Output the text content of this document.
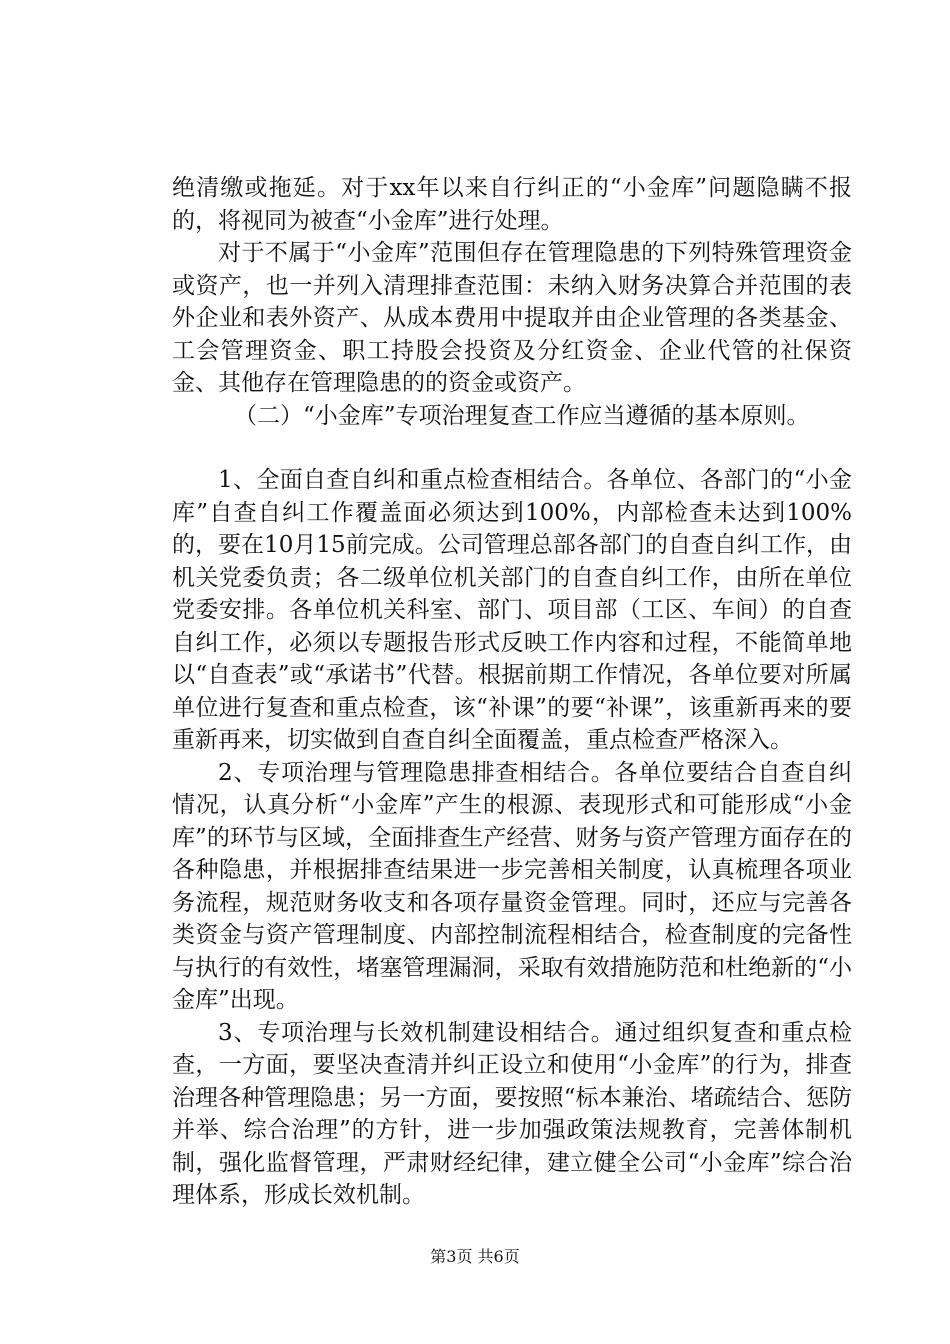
绝清缴或拖延。对于xx年以来自行纠正的“小金库”问题隐瞒不报的，将视同为被查“小金库”进行处理。

对于不属于“小金库”范围但存在管理隐患的下列特殊管理资金或资产，也一并列入清理排查范围：未纳入财务决算合并范围的表外企业和表外资产、从成本费用中提取并由企业管理的各类基金、工会管理资金、职工持股会投资及分红资金、企业代管的社保资金、其他存在管理隐患的的资金或资产。

（二）“小金库”专项治理复查工作应当遵循的基本原则。

1、全面自查自纠和重点检查相结合。各单位、各部门的“小金库”自查自纠工作覆盖面必须达到100%，内部检查未达到100%的，要在10月15前完成。公司管理总部各部门的自查自纠工作，由机关党委负责；各二级单位机关部门的自查自纠工作，由所在单位党委安排。各单位机关科室、部门、项目部（工区、车间）的自查自纠工作，必须以专题报告形式反映工作内容和过程，不能简单地以“自查表”或“承诺书”代替。根据前期工作情况，各单位要对所属单位进行复查和重点检查，该“补课”的要“补课”，该重新再来的要重新再来，切实做到自查自纠全面覆盖，重点检查严格深入。

2、专项治理与管理隐患排查相结合。各单位要结合自查自纠情况，认真分析“小金库”产生的根源、表现形式和可能形成“小金库”的环节与区域，全面排查生产经营、财务与资产管理方面存在的各种隐患，并根据排查结果进一步完善相关制度，认真梳理各项业务流程，规范财务收支和各项存量资金管理。同时，还应与完善各类资金与资产管理制度、内部控制流程相结合，检查制度的完备性与执行的有效性，堵塞管理漏洞，采取有效措施防范和杜绝新的“小金库”出现。

3、专项治理与长效机制建设相结合。通过组织复查和重点检查，一方面，要坚决查清并纠正设立和使用“小金库”的行为，排查治理各种管理隐患；另一方面，要按照“标本兼治、堵疏结合、惩防并举、综合治理”的方针，进一步加强政策法规教育，完善体制机制，强化监督管理，严肃财经纪律，建立健全公司“小金库”综合治理体系，形成长效机制。

第3页 共6页
